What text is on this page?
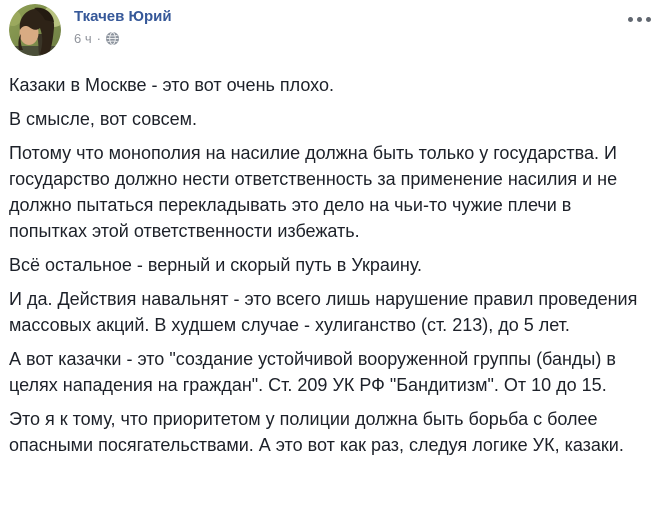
Ткачев Юрий
6 ч ·

Казаки в Москве - это вот очень плохо.

В смысле, вот совсем.

Потому что монополия на насилие должна быть только у государства. И государство должно нести ответственность за применение насилия и не должно пытаться перекладывать это дело на чьи-то чужие плечи в попытках этой ответственности избежать.

Всё остальное - верный и скорый путь в Украину.

И да. Действия навальнят - это всего лишь нарушение правил проведения массовых акций. В худшем случае - хулиганство (ст. 213), до 5 лет.

А вот казачки - это "создание устойчивой вооруженной группы (банды) в целях нападения на граждан". Ст. 209 УК РФ "Бандитизм". От 10 до 15.

Это я к тому, что приоритетом у полиции должна быть борьба с более опасными посягательствами. А это вот как раз, следуя логике УК, казаки.
